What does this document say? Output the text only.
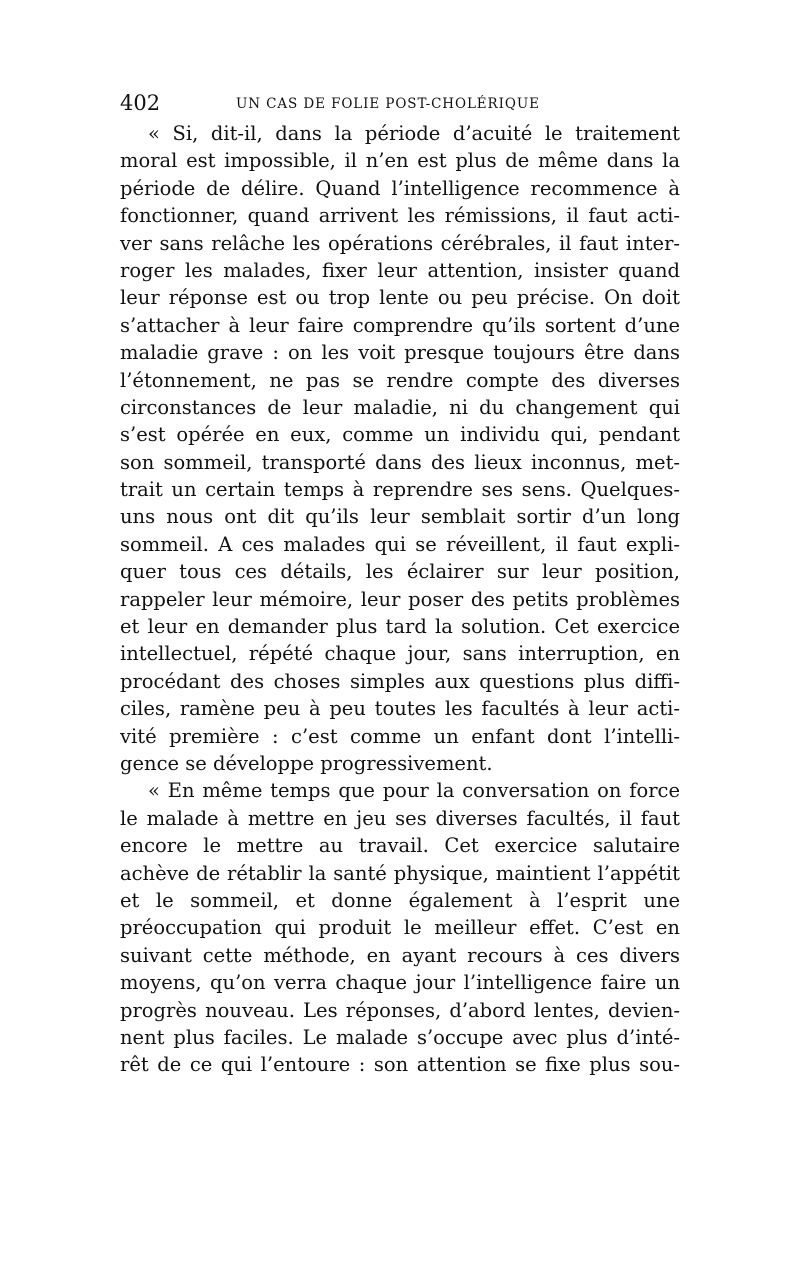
402	UN CAS DE FOLIE POST-CHOLÉRIQUE
« Si, dit-il, dans la période d’acuité le traitement
moral est impossible, il n’en est plus de même dans la
période de délire. Quand l’intelligence recommence à
fonctionner, quand arrivent les rémissions, il faut acti-
ver sans relâche les opérations cérébrales, il faut inter-
roger les malades, fixer leur attention, insister quand
leur réponse est ou trop lente ou peu précise. On doit
s’attacher à leur faire comprendre qu’ils sortent d’une
maladie grave : on les voit presque toujours être dans
l’étonnement, ne pas se rendre compte des diverses
circonstances de leur maladie, ni du changement qui
s’est opérée en eux, comme un individu qui, pendant
son sommeil, transporté dans des lieux inconnus, met-
trait un certain temps à reprendre ses sens. Quelques-
uns nous ont dit qu’ils leur semblait sortir d’un long
sommeil. A ces malades qui se réveillent, il faut expli-
quer tous ces détails, les éclairer sur leur position,
rappeler leur mémoire, leur poser des petits problèmes
et leur en demander plus tard la solution. Cet exercice
intellectuel, répété chaque jour, sans interruption, en
procédant des choses simples aux questions plus diffi-
ciles, ramène peu à peu toutes les facultés à leur acti-
vité première : c’est comme un enfant dont l’intelli-
gence se développe progressivement.
« En même temps que pour la conversation on force
le malade à mettre en jeu ses diverses facultés, il faut
encore le mettre au travail. Cet exercice salutaire
achève de rétablir la santé physique, maintient l’appétit
et le sommeil, et donne également à l’esprit une
préoccupation qui produit le meilleur effet. C’est en
suivant cette méthode, en ayant recours à ces divers
moyens, qu’on verra chaque jour l’intelligence faire un
progrès nouveau. Les réponses, d’abord lentes, devien-
nent plus faciles. Le malade s’occupe avec plus d’inté-
rêt de ce qui l’entoure : son attention se fixe plus sou-
